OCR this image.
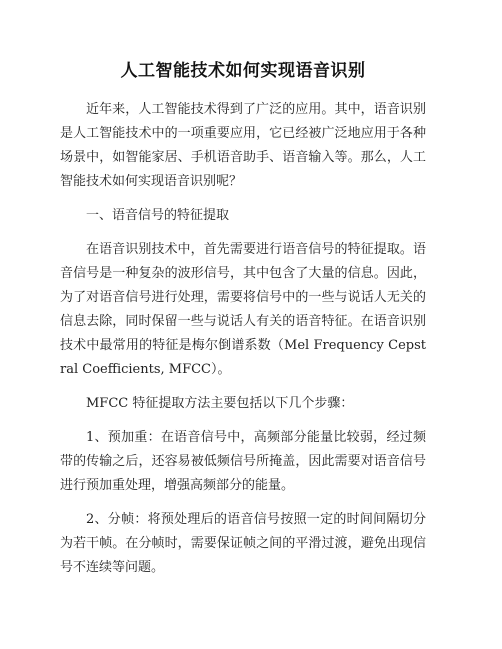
人工智能技术如何实现语音识别

近年来，人工智能技术得到了广泛的应用。其中，语音识别是人工智能技术中的一项重要应用，它已经被广泛地应用于各种场景中，如智能家居、手机语音助手、语音输入等。那么，人工智能技术如何实现语音识别呢？

一、语音信号的特征提取

在语音识别技术中，首先需要进行语音信号的特征提取。语音信号是一种复杂的波形信号，其中包含了大量的信息。因此，为了对语音信号进行处理，需要将信号中的一些与说话人无关的信息去除，同时保留一些与说话人有关的语音特征。在语音识别技术中最常用的特征是梅尔倒谱系数（Mel Frequency Cepstral Coefficients, MFCC）。

MFCC 特征提取方法主要包括以下几个步骤：

1、预加重：在语音信号中，高频部分能量比较弱，经过频带的传输之后，还容易被低频信号所掩盖，因此需要对语音信号进行预加重处理，增强高频部分的能量。

2、分帧：将预处理后的语音信号按照一定的时间间隔切分为若干帧。在分帧时，需要保证帧之间的平滑过渡，避免出现信号不连续等问题。
